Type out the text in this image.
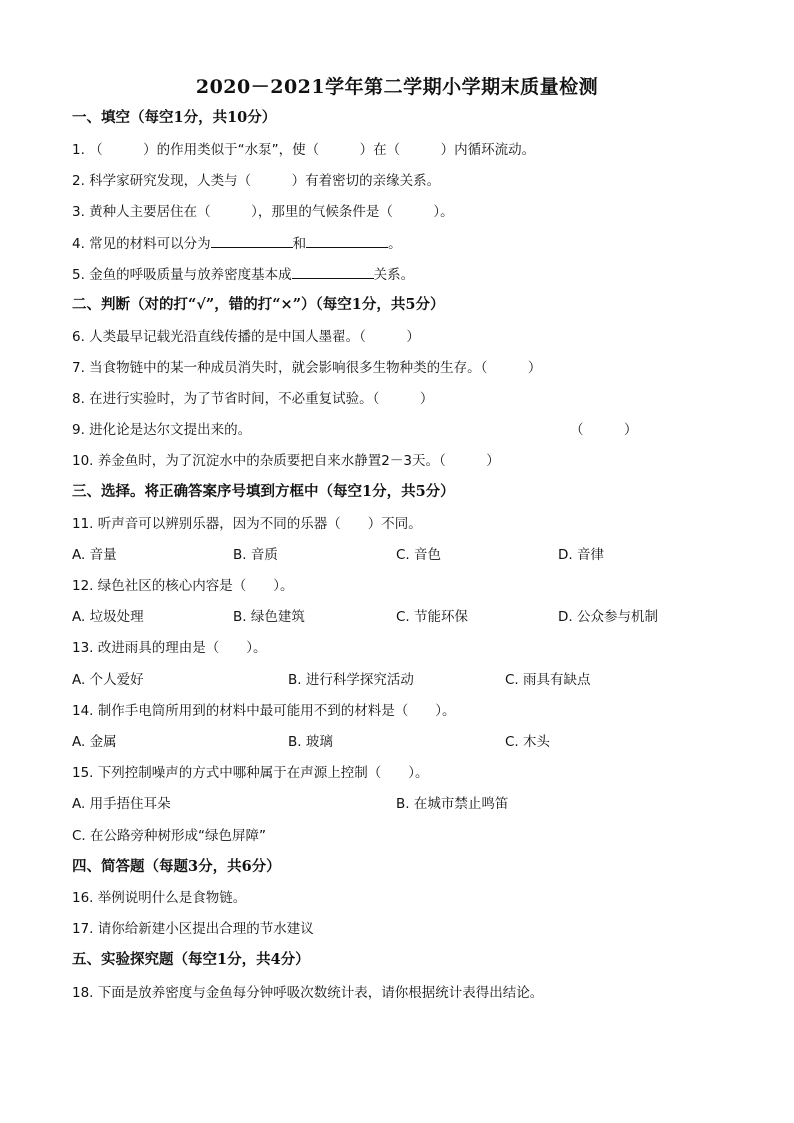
2020－2021学年第二学期小学期末质量检测
一、填空（每空1分，共10分）
1. （　　　）的作用类似于“水泵”，使（　　　）在（　　　）内循环流动。
2. 科学家研究发现，人类与（　　　）有着密切的亲缘关系。
3. 黄种人主要居住在（　　　），那里的气候条件是（　　　）。
4. 常见的材料可以分为	和	。
5. 金鱼的呼吸质量与放养密度基本成	关系。
二、判断（对的打“√”，错的打“×”）（每空1分，共5分）
6. 人类最早记载光沿直线传播的是中国人墨翟。（　　　）
7. 当食物链中的某一种成员消失时，就会影响很多生物种类的生存。（　　　）
8. 在进行实验时，为了节省时间，不必重复试验。（　　　）
9. 进化论是达尔文提出来的。	（　　　）
10. 养金鱼时，为了沉淀水中的杂质要把自来水静置2－3天。（　　　）
三、选择。将正确答案序号填到方框中（每空1分，共5分）
11. 听声音可以辨别乐器，因为不同的乐器（　　）不同。
A. 音量	B. 音质	C. 音色	D. 音律
12. 绿色社区的核心内容是（　　）。
A. 垃圾处理	B. 绿色建筑	C. 节能环保	D. 公众参与机制
13. 改进雨具的理由是（　　）。
A. 个人爱好	B. 进行科学探究活动	C. 雨具有缺点
14. 制作手电筒所用到的材料中最可能用不到的材料是（　　）。
A. 金属	B. 玻璃	C. 木头
15. 下列控制噪声的方式中哪种属于在声源上控制（　　）。
A. 用手捂住耳朵	B. 在城市禁止鸣笛
C. 在公路旁种树形成“绿色屏障”
四、简答题（每题3分，共6分）
16. 举例说明什么是食物链。
17. 请你给新建小区提出合理的节水建议
五、实验探究题（每空1分，共4分）
18. 下面是放养密度与金鱼每分钟呼吸次数统计表，请你根据统计表得出结论。
